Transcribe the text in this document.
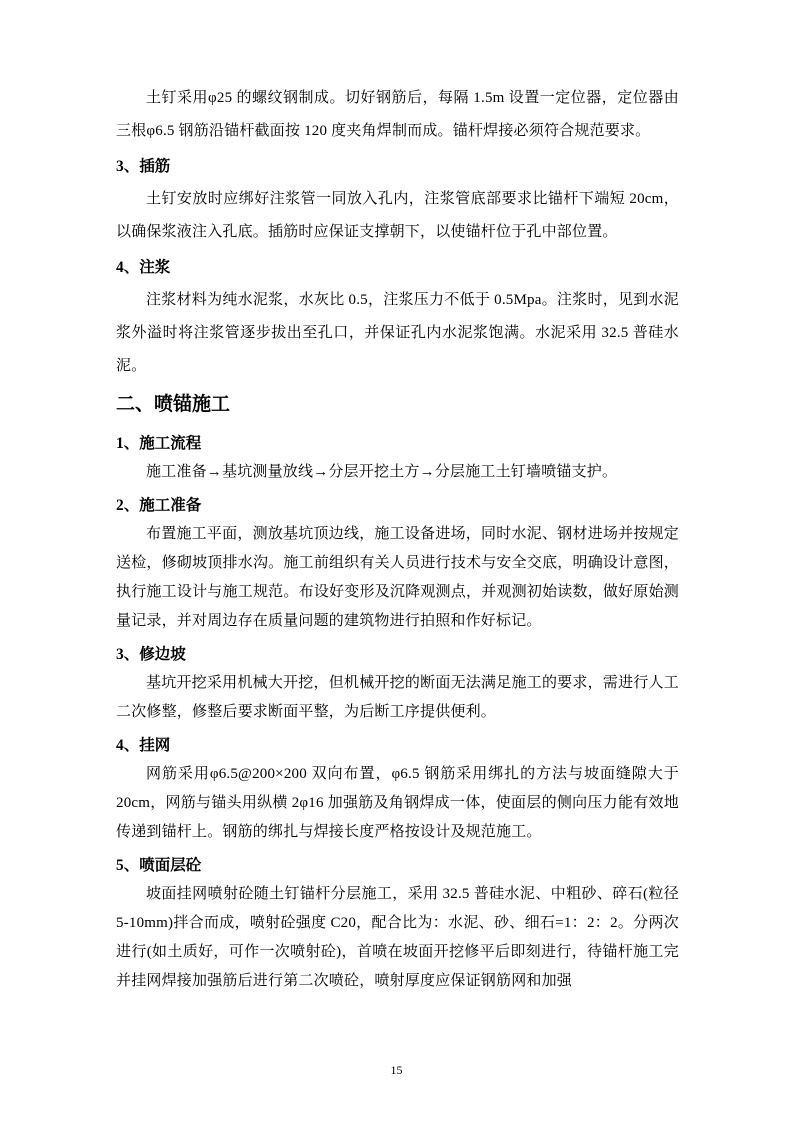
土钉采用φ25 的螺纹钢制成。切好钢筋后，每隔 1.5m 设置一定位器，定位器由三根φ6.5 钢筋沿锚杆截面按 120 度夹角焊制而成。锚杆焊接必须符合规范要求。

3、插筋

土钉安放时应绑好注浆管一同放入孔内，注浆管底部要求比锚杆下端短 20cm，以确保浆液注入孔底。插筋时应保证支撑朝下，以使锚杆位于孔中部位置。

4、注浆

注浆材料为纯水泥浆，水灰比 0.5，注浆压力不低于 0.5Mpa。注浆时，见到水泥浆外溢时将注浆管逐步拔出至孔口，并保证孔内水泥浆饱满。水泥采用 32.5 普硅水泥。

二、喷锚施工
1、施工流程

施工准备→基坑测量放线→分层开挖土方→分层施工土钉墙喷锚支护。

2、施工准备

布置施工平面，测放基坑顶边线，施工设备进场，同时水泥、钢材进场并按规定送检，修砌坡顶排水沟。施工前组织有关人员进行技术与安全交底，明确设计意图，执行施工设计与施工规范。布设好变形及沉降观测点，并观测初始读数，做好原始测量记录，并对周边存在质量问题的建筑物进行拍照和作好标记。

3、修边坡

基坑开挖采用机械大开挖，但机械开挖的断面无法满足施工的要求，需进行人工二次修整，修整后要求断面平整，为后断工序提供便利。

4、挂网

网筋采用φ6.5@200×200 双向布置，φ6.5 钢筋采用绑扎的方法与坡面缝隙大于 20cm，网筋与锚头用纵横 2φ16 加强筋及角钢焊成一体，使面层的侧向压力能有效地传递到锚杆上。钢筋的绑扎与焊接长度严格按设计及规范施工。

5、喷面层砼

坡面挂网喷射砼随土钉锚杆分层施工，采用 32.5 普硅水泥、中粗砂、碎石(粒径 5-10mm)拌合而成，喷射砼强度 C20，配合比为：水泥、砂、细石=1：2：2。分两次进行(如土质好，可作一次喷射砼)，首喷在坡面开挖修平后即刻进行，待锚杆施工完并挂网焊接加强筋后进行第二次喷砼，喷射厚度应保证钢筋网和加强

15
